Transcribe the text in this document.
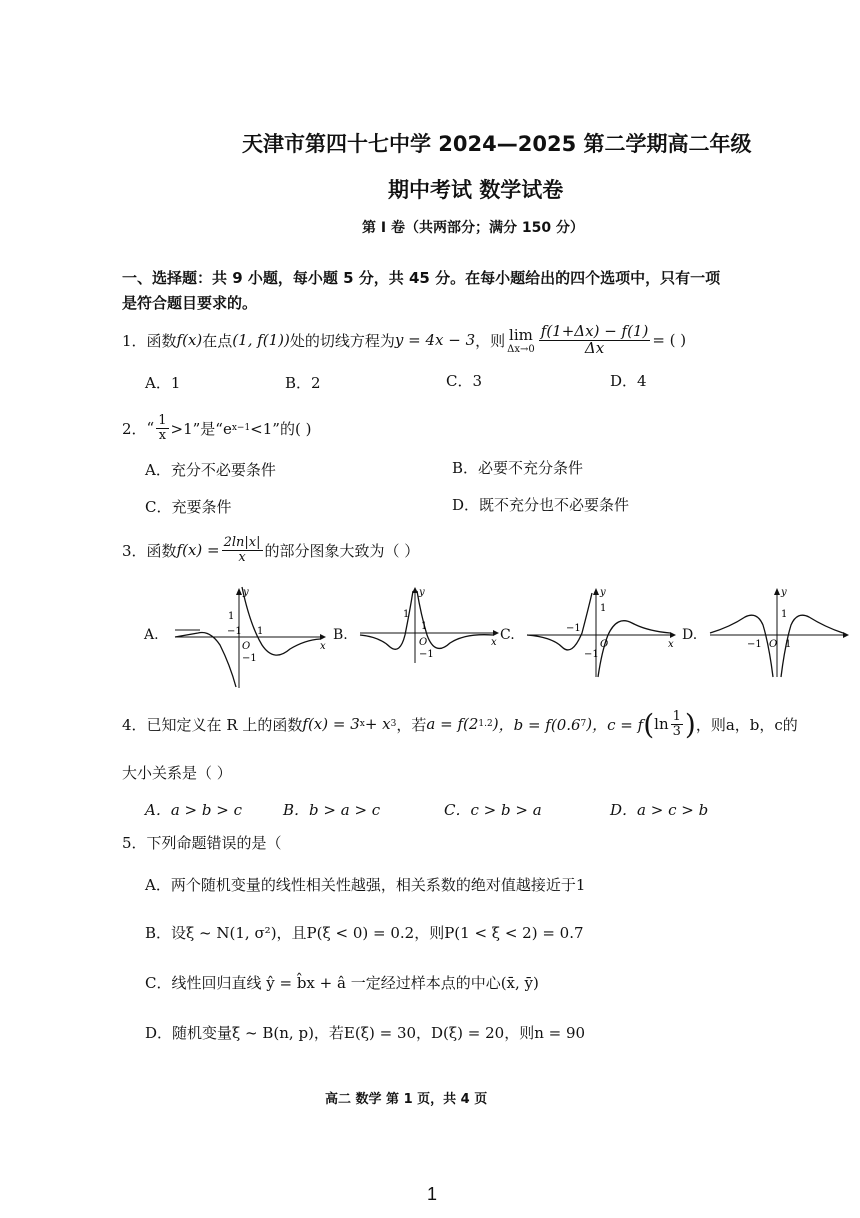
天津市第四十七中学 2024—2025 第二学期高二年级
期中考试 数学试卷
第 I 卷（共两部分；满分 150 分）
一、选择题：共 9 小题，每小题 5 分，共 45 分。在每小题给出的四个选项中，只有一项
是符合题目要求的。
1． 函数 f(x) 在点 (1, f(1)) 处的切线方程为 y = 4x − 3 ，则 lim
$\Delta x\to 0 \frac{f(1+\Delta x) - f(1)}{\Delta x}$ = ( )
A．1	B．2	C．3	D．4
2． “ $\frac{1}{x} >1$”是“e x−1 <1”的( )
A．充分不必要条件	B．必要不充分条件
C．充要条件	D．既不充分也不必要条件
3． 函数 $f(x) = \frac{2\ln|x|}{x}$ 的部分图象大致为（ ）
A.	B.	C.	D.
1
−1 1
O
−1
x
y
1
1
O
−1
x
y
−1
1
O
−1
x
y
1
−1 O 1
y
4． 已知定义在 R 上的函数 f(x) = 3 x + x 3 ，若 a = f(2 1.2 ) ，b = f(0.6 7 ) ，c = f ( $\ln \frac{1}{3}$ ) ，则a，b，c的
大小关系是（ ）
A．a > b > c	B．b > a > c	C．c > b > a	D．a > c > b
5．下列命题错误的是（
A．两个随机变量的线性相关性越强，相关系数的绝对值越接近于1
B．设ξ ~ N(1, σ²)，且P(ξ < 0) = 0.2，则P(1 < ξ < 2) = 0.7
C．线性回归直线 ŷ = b̂x + â 一定经过样本点的中心(x̄, ȳ)
D．随机变量ξ ~ B(n, p)，若E(ξ) = 30，D(ξ) = 20，则n = 90
高二 数学 第 1 页，共 4 页
1
